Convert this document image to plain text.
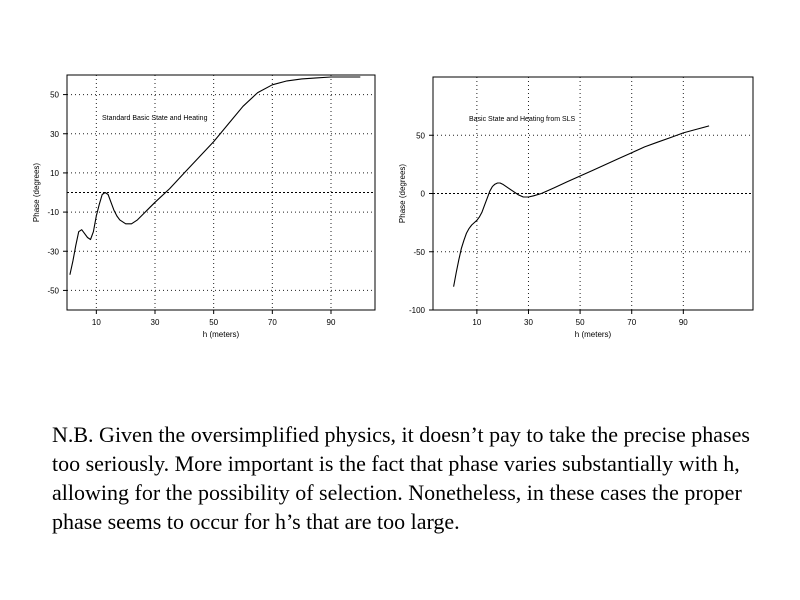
10	30	50	70	90
-50
-30
-10
10
30
50
h (meters)
Phase (degrees)
Standard Basic State and Heating
10	30	50	70	90
-100
-50
0
50
h (meters)
Phase (degrees)
Basic State and Heating from SLS

N.B. Given the oversimplified physics, it doesn’t pay to take the precise phases too seriously. More important is the fact that phase varies substantially with h, allowing for the possibility of selection. Nonetheless, in these cases the proper phase seems to occur for h’s that are too large.
